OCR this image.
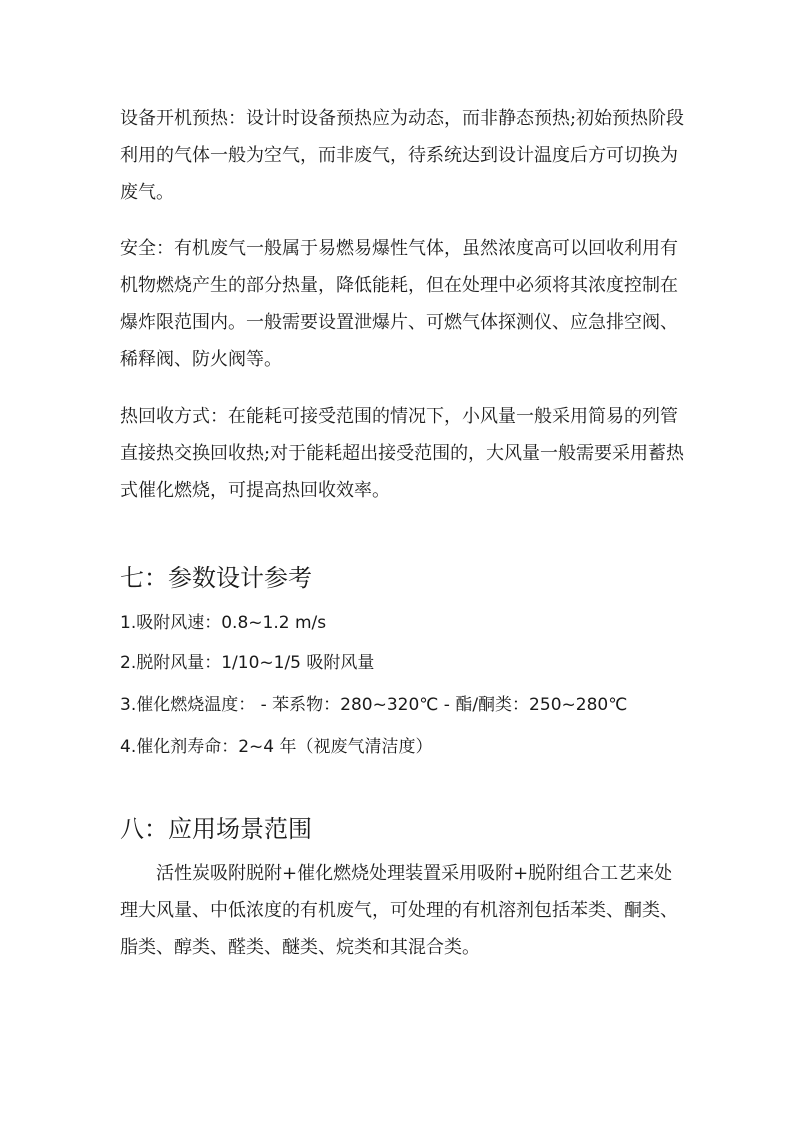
设备开机预热：设计时设备预热应为动态，而非静态预热;初始预热阶段利用的气体一般为空气，而非废气，待系统达到设计温度后方可切换为废气。

安全：有机废气一般属于易燃易爆性气体，虽然浓度高可以回收利用有机物燃烧产生的部分热量，降低能耗，但在处理中必须将其浓度控制在爆炸限范围内。一般需要设置泄爆片、可燃气体探测仪、应急排空阀、稀释阀、防火阀等。

热回收方式：在能耗可接受范围的情况下，小风量一般采用简易的列管直接热交换回收热;对于能耗超出接受范围的，大风量一般需要采用蓄热式催化燃烧，可提高热回收效率。

七：参数设计参考

1.吸附风速：0.8~1.2 m/s

2.脱附风量：1/10~1/5 吸附风量

3.催化燃烧温度： - 苯系物：280~320℃ - 酯/酮类：250~280℃

4.催化剂寿命：2~4 年（视废气清洁度）

八：应用场景范围

活性炭吸附脱附+催化燃烧处理装置采用吸附+脱附组合工艺来处理大风量、中低浓度的有机废气，可处理的有机溶剂包括苯类、酮类、脂类、醇类、醛类、醚类、烷类和其混合类。
